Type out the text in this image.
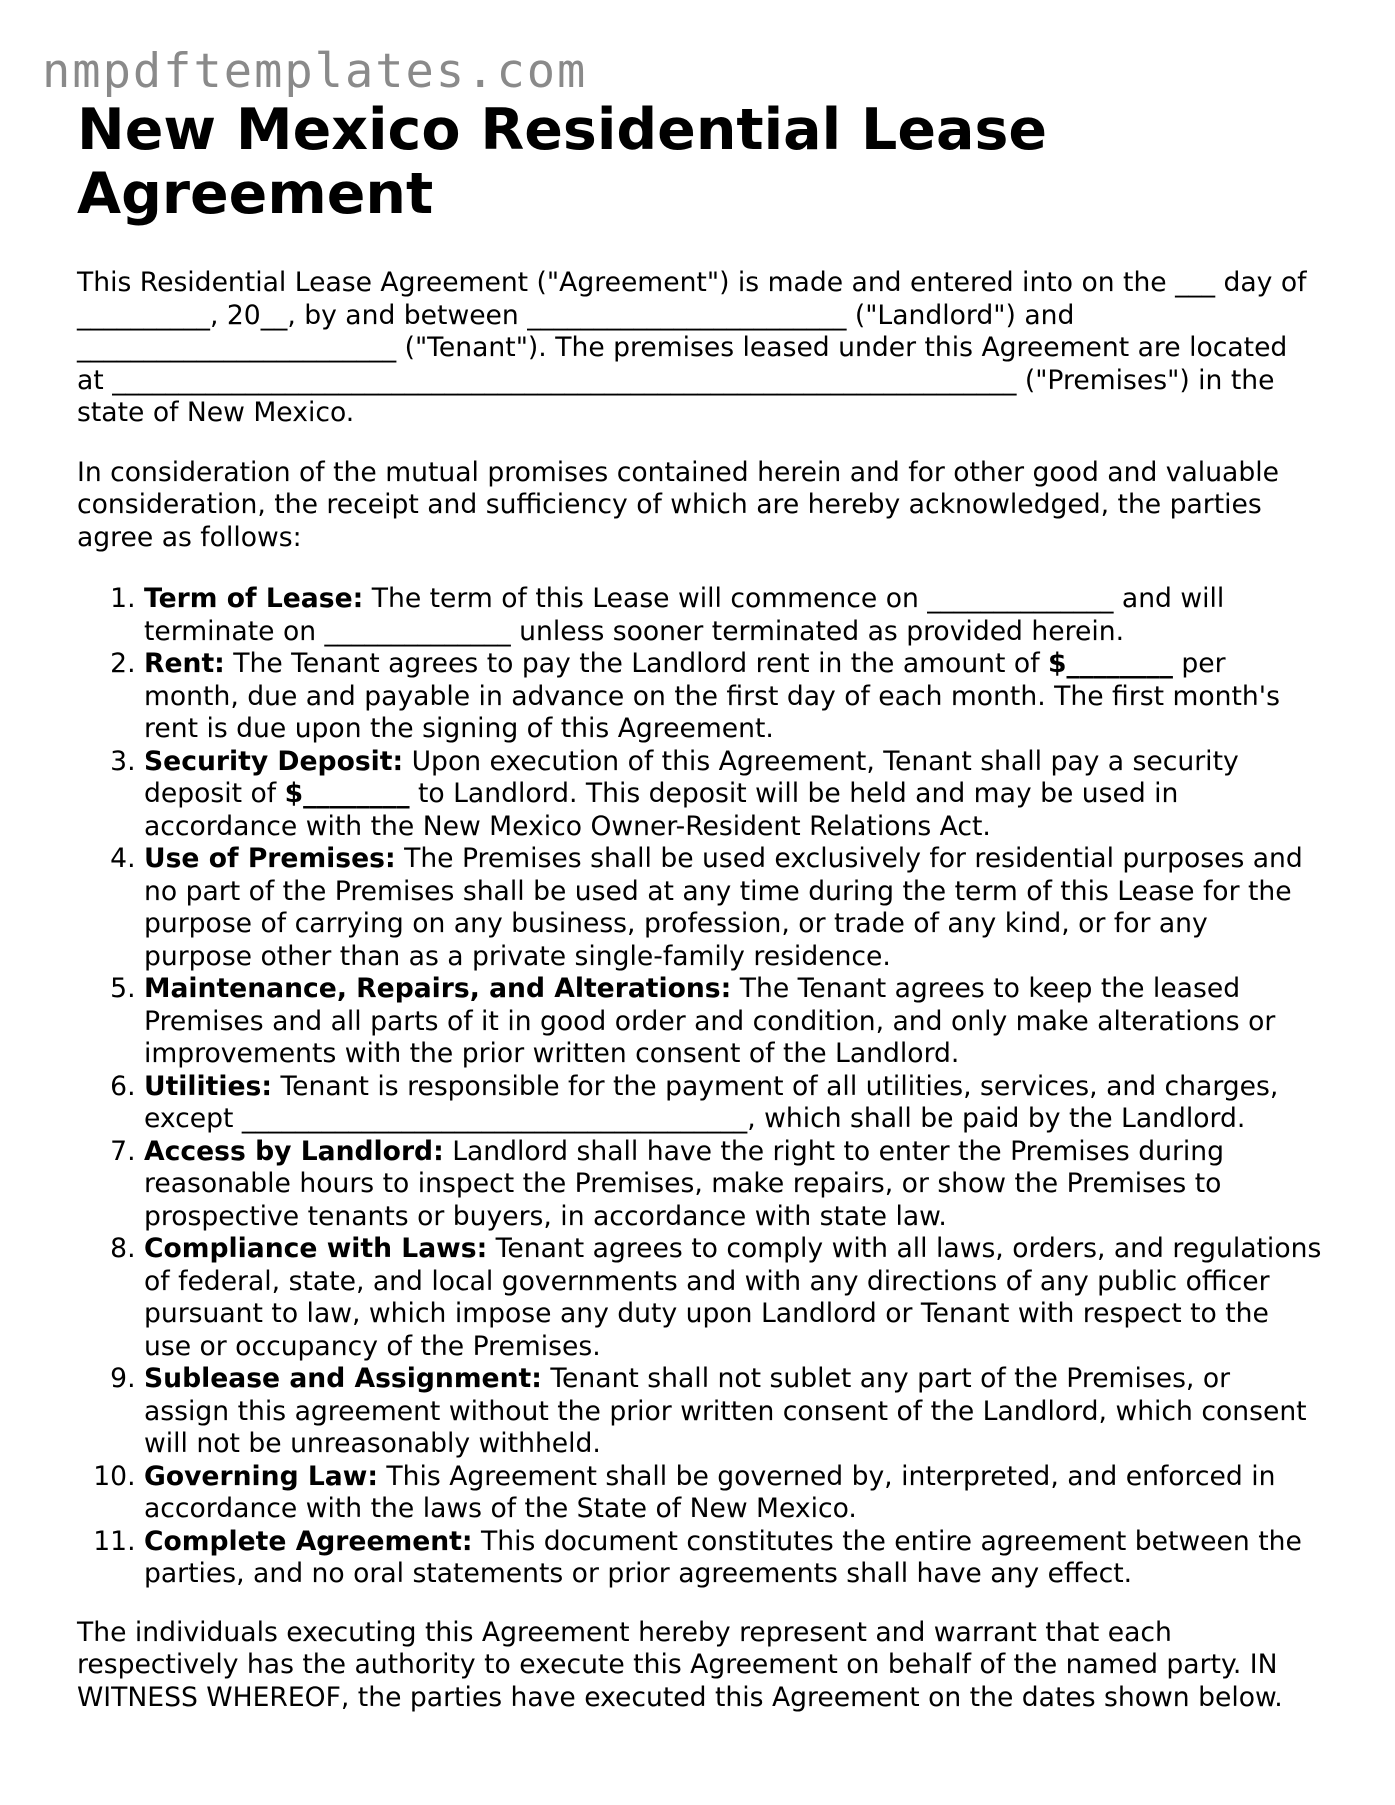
nmpdftemplates.com
New Mexico Residential Lease Agreement

This Residential Lease Agreement ("Agreement") is made and entered into on the ___ day of __________, 20__, by and between ________________________ ("Landlord") and ________________________ ("Tenant"). The premises leased under this Agreement are located at ____________________________________________________________________ ("Premises") in the state of New Mexico.

In consideration of the mutual promises contained herein and for other good and valuable consideration, the receipt and sufficiency of which are hereby acknowledged, the parties agree as follows:

1. Term of Lease: The term of this Lease will commence on ______________ and will terminate on ______________ unless sooner terminated as provided herein.
2. Rent: The Tenant agrees to pay the Landlord rent in the amount of $________ per month, due and payable in advance on the first day of each month. The first month's rent is due upon the signing of this Agreement.
3. Security Deposit: Upon execution of this Agreement, Tenant shall pay a security deposit of $________ to Landlord. This deposit will be held and may be used in accordance with the New Mexico Owner-Resident Relations Act.
4. Use of Premises: The Premises shall be used exclusively for residential purposes and no part of the Premises shall be used at any time during the term of this Lease for the purpose of carrying on any business, profession, or trade of any kind, or for any purpose other than as a private single-family residence.
5. Maintenance, Repairs, and Alterations: The Tenant agrees to keep the leased Premises and all parts of it in good order and condition, and only make alterations or improvements with the prior written consent of the Landlord.
6. Utilities: Tenant is responsible for the payment of all utilities, services, and charges, except ______________________________________, which shall be paid by the Landlord.
7. Access by Landlord: Landlord shall have the right to enter the Premises during reasonable hours to inspect the Premises, make repairs, or show the Premises to prospective tenants or buyers, in accordance with state law.
8. Compliance with Laws: Tenant agrees to comply with all laws, orders, and regulations of federal, state, and local governments and with any directions of any public officer pursuant to law, which impose any duty upon Landlord or Tenant with respect to the use or occupancy of the Premises.
9. Sublease and Assignment: Tenant shall not sublet any part of the Premises, or assign this agreement without the prior written consent of the Landlord, which consent will not be unreasonably withheld.
10. Governing Law: This Agreement shall be governed by, interpreted, and enforced in accordance with the laws of the State of New Mexico.
11. Complete Agreement: This document constitutes the entire agreement between the parties, and no oral statements or prior agreements shall have any effect.

The individuals executing this Agreement hereby represent and warrant that each respectively has the authority to execute this Agreement on behalf of the named party. IN WITNESS WHEREOF, the parties have executed this Agreement on the dates shown below.
